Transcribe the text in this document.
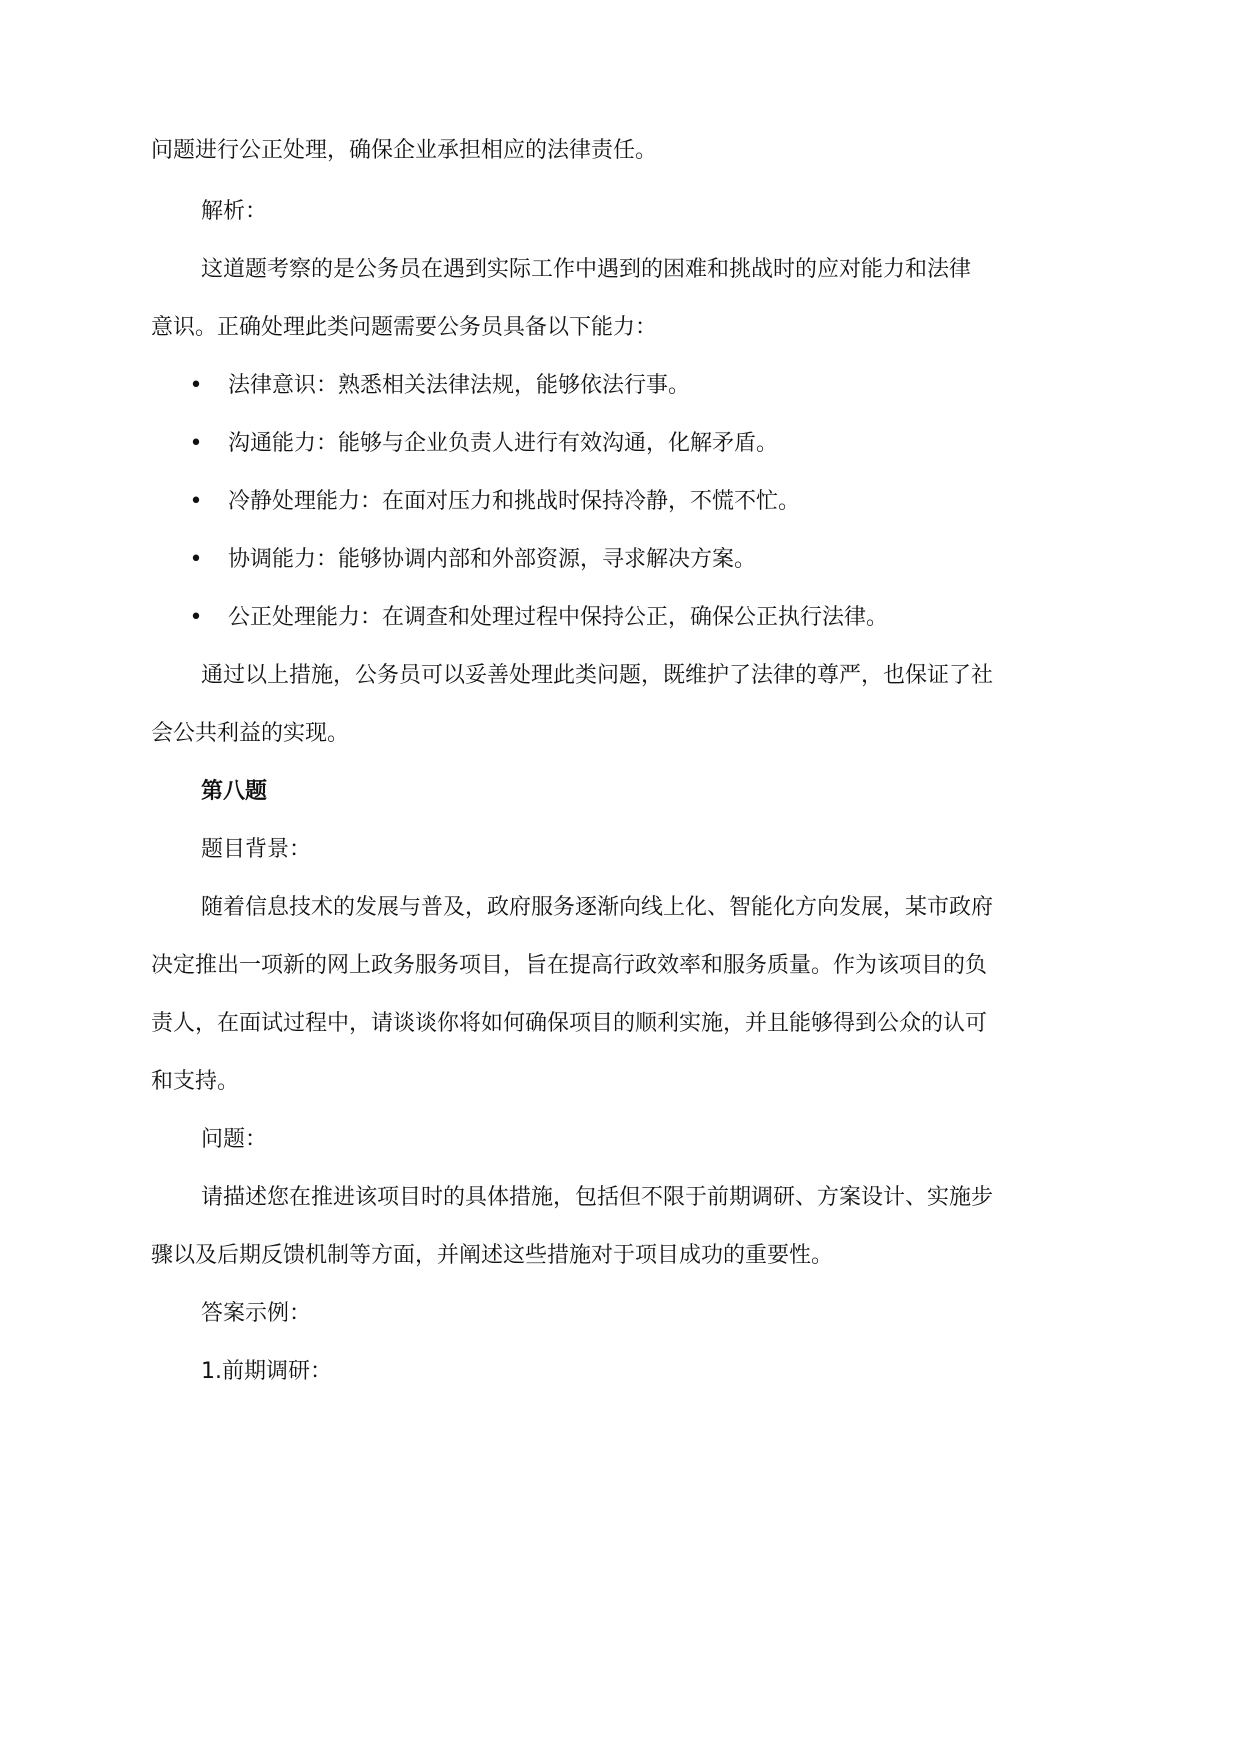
问题进行公正处理，确保企业承担相应的法律责任。
解析：
这道题考察的是公务员在遇到实际工作中遇到的困难和挑战时的应对能力和法律
意识。正确处理此类问题需要公务员具备以下能力：
• 法律意识：熟悉相关法律法规，能够依法行事。
• 沟通能力：能够与企业负责人进行有效沟通，化解矛盾。
• 冷静处理能力：在面对压力和挑战时保持冷静，不慌不忙。
• 协调能力：能够协调内部和外部资源，寻求解决方案。
• 公正处理能力：在调查和处理过程中保持公正，确保公正执行法律。
通过以上措施，公务员可以妥善处理此类问题，既维护了法律的尊严，也保证了社
会公共利益的实现。
第八题
题目背景：
随着信息技术的发展与普及，政府服务逐渐向线上化、智能化方向发展，某市政府
决定推出一项新的网上政务服务项目，旨在提高行政效率和服务质量。作为该项目的负
责人，在面试过程中，请谈谈你将如何确保项目的顺利实施，并且能够得到公众的认可
和支持。
问题：
请描述您在推进该项目时的具体措施，包括但不限于前期调研、方案设计、实施步
骤以及后期反馈机制等方面，并阐述这些措施对于项目成功的重要性。
答案示例：
1.前期调研：
